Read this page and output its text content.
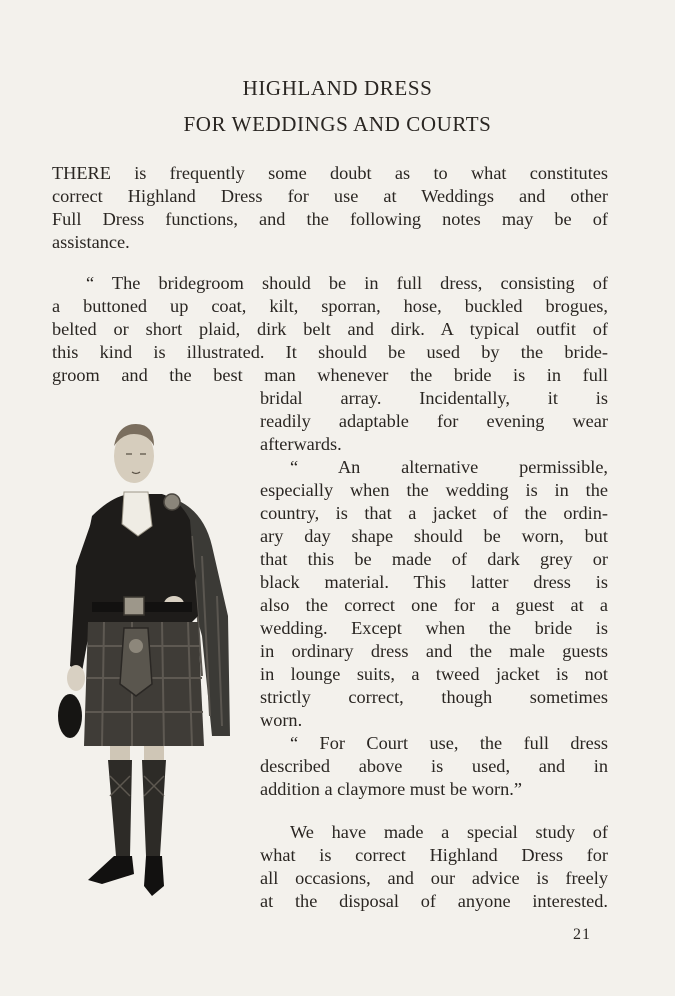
HIGHLAND DRESS
FOR WEDDINGS AND COURTS
THERE is frequently some doubt as to what constitutes
correct Highland Dress for use at Weddings and other
Full Dress functions, and the following notes may be of
assistance.
“ The bridegroom should be in full dress, consisting of
a buttoned up coat, kilt, sporran, hose, buckled brogues,
belted or short plaid, dirk belt and dirk. A typical outfit of
this kind is illustrated. It should be used by the bride-
groom and the best man whenever the bride is in full
bridal array. Incidentally, it is
readily adaptable for evening wear
afterwards.
“ An alternative permissible,
especially when the wedding is in the
country, is that a jacket of the ordin-
ary day shape should be worn, but
that this be made of dark grey or
black material. This latter dress is
also the correct one for a guest at a
wedding. Except when the bride is
in ordinary dress and the male guests
in lounge suits, a tweed jacket is not
strictly correct, though sometimes
worn.
“ For Court use, the full dress
described above is used, and in
addition a claymore must be worn.”
We have made a special study of
what is correct Highland Dress for
all occasions, and our advice is freely
at the disposal of anyone interested.
21
